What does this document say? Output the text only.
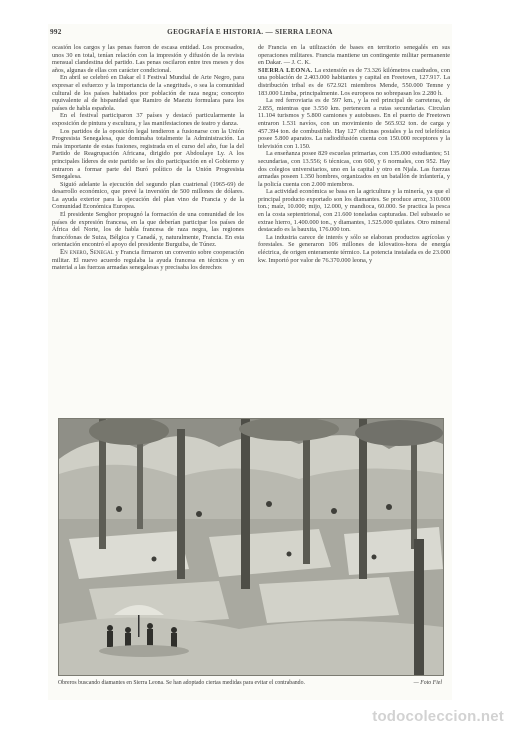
992	GEOGRAFÍA E HISTORIA. — SIERRA LEONA

ocasión los cargos y las penas fueron de escasa entidad. Los procesados, unos 30 en total, tenían relación con la impresión y difusión de la revista mensual clandestina del partido. Las penas oscilaron entre tres meses y dos años, algunas de ellas con carácter condicional.

En abril se celebró en Dakar el I Festival Mundial de Arte Negro, para expresar el esfuerzo y la importancia de la «negritud», o sea la comunidad cultural de los países habitados por población de raza negra; concepto equivalente al de hispanidad que Ramiro de Maeztu formulara para los países de habla española.

En el festival participaron 37 países y destacó particularmente la exposición de pintura y escultura, y las manifestaciones de teatro y danza.

Los partidos de la oposición legal tendieron a fusionarse con la Unión Progresista Senegalesa, que dominaba totalmente la Administración. La más importante de estas fusiones, registrada en el curso del año, fue la del Partido de Reagrupación Africana, dirigido por Abdoulaye Ly. A los principales líderes de este partido se les dio participación en el Gobierno y entraron a formar parte del Buró político de la Unión Progresista Senegalesa.

Siguió adelante la ejecución del segundo plan cuatrienal (1965-69) de desarrollo económico, que prevé la inversión de 500 millones de dólares. La ayuda exterior para la ejecución del plan vino de Francia y de la Comunidad Económica Europea.

El presidente Senghor propugnó la formación de una comunidad de los países de expresión francesa, en la que deberían participar los países de África del Norte, los de habla francesa de raza negra, las regiones francófonas de Suiza, Bélgica y Canadá, y, naturalmente, Francia. En esta orientación encontró el apoyo del presidente Burguiba, de Túnez.

En enero, Senegal y Francia firmaron un convenio sobre cooperación militar. El nuevo acuerdo regulaba la ayuda francesa en técnicos y en material a las fuerzas armadas senegalesas y precisaba los derechos

de Francia en la utilización de bases en territorio senegalés en sus operaciones militares. Francia mantiene un contingente militar permanente en Dakar. — J. C. K.

SIERRA LEONA. La extensión es de 73.326 kilómetros cuadrados, con una población de 2.403.000 habitantes y capital en Freetown, 127.917. La distribución tribal es de 672.921 miembros Mende, 550.000 Temne y 183.000 Limba, principalmente. Los europeos no sobrepasan los 2.280 h.

La red ferroviaria es de 597 km., y la red principal de carreteras, de 2.855, mientras que 3.550 km. pertenecen a rutas secundarias. Circulan 11.104 turismos y 5.800 camiones y autobuses. En el puerto de Freetown entraron 1.531 navíos, con un movimiento de 565.932 ton. de carga y 457.394 ton. de combustible. Hay 127 oficinas postales y la red telefónica posee 5.800 aparatos. La radiodifusión cuenta con 150.000 receptores y la televisión con 1.150.

La enseñanza posee 829 escuelas primarias, con 135.000 estudiantes; 51 secundarias, con 13.556; 6 técnicas, con 600, y 6 normales, con 952. Hay dos colegios universitarios, uno en la capital y otro en Njala. Las fuerzas armadas poseen 1.350 hombres, organizados en un batallón de infantería, y la policía cuenta con 2.000 miembros.

La actividad económica se basa en la agricultura y la minería, ya que el principal producto exportado son los diamantes. Se produce arroz, 310.000 ton.; maíz, 10.000; mijo, 12.000, y mandioca, 60.000. Se practica la pesca en la costa septentrional, con 21.600 toneladas capturadas. Del subsuelo se extrae hierro, 1.400.000 ton., y diamantes, 1.525.000 quilates. Otro mineral destacado es la bauxita, 176.000 ton.

La industria carece de interés y sólo se elaboran productos agrícolas y forestales. Se generaron 106 millones de kilovatios-hora de energía eléctrica, de origen enteramente térmico. La potencia instalada es de 23.000 kw. Importó por valor de 76.370.000 leona, y

Obreros buscando diamantes en Sierra Leona. Se han adoptado ciertas medidas para evitar el contrabando.	— Foto Fiel
todocoleccion.net
